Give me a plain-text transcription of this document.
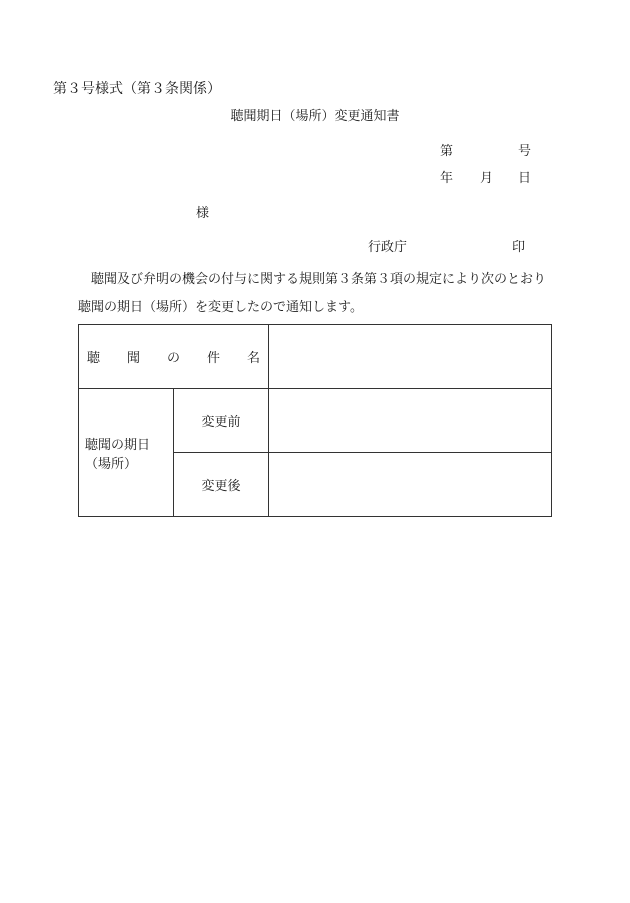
第３号様式（第３条関係）
聴聞期日（場所）変更通知書
第	号
年 月 日
様
行政庁	印
聴聞及び弁明の機会の付与に関する規則第３条第３項の規定により次のとおり聴聞の期日（場所）を変更したので通知します。
聴 聞 の 件 名		

聴聞の期日（場所）	変更前	
	変更後	
